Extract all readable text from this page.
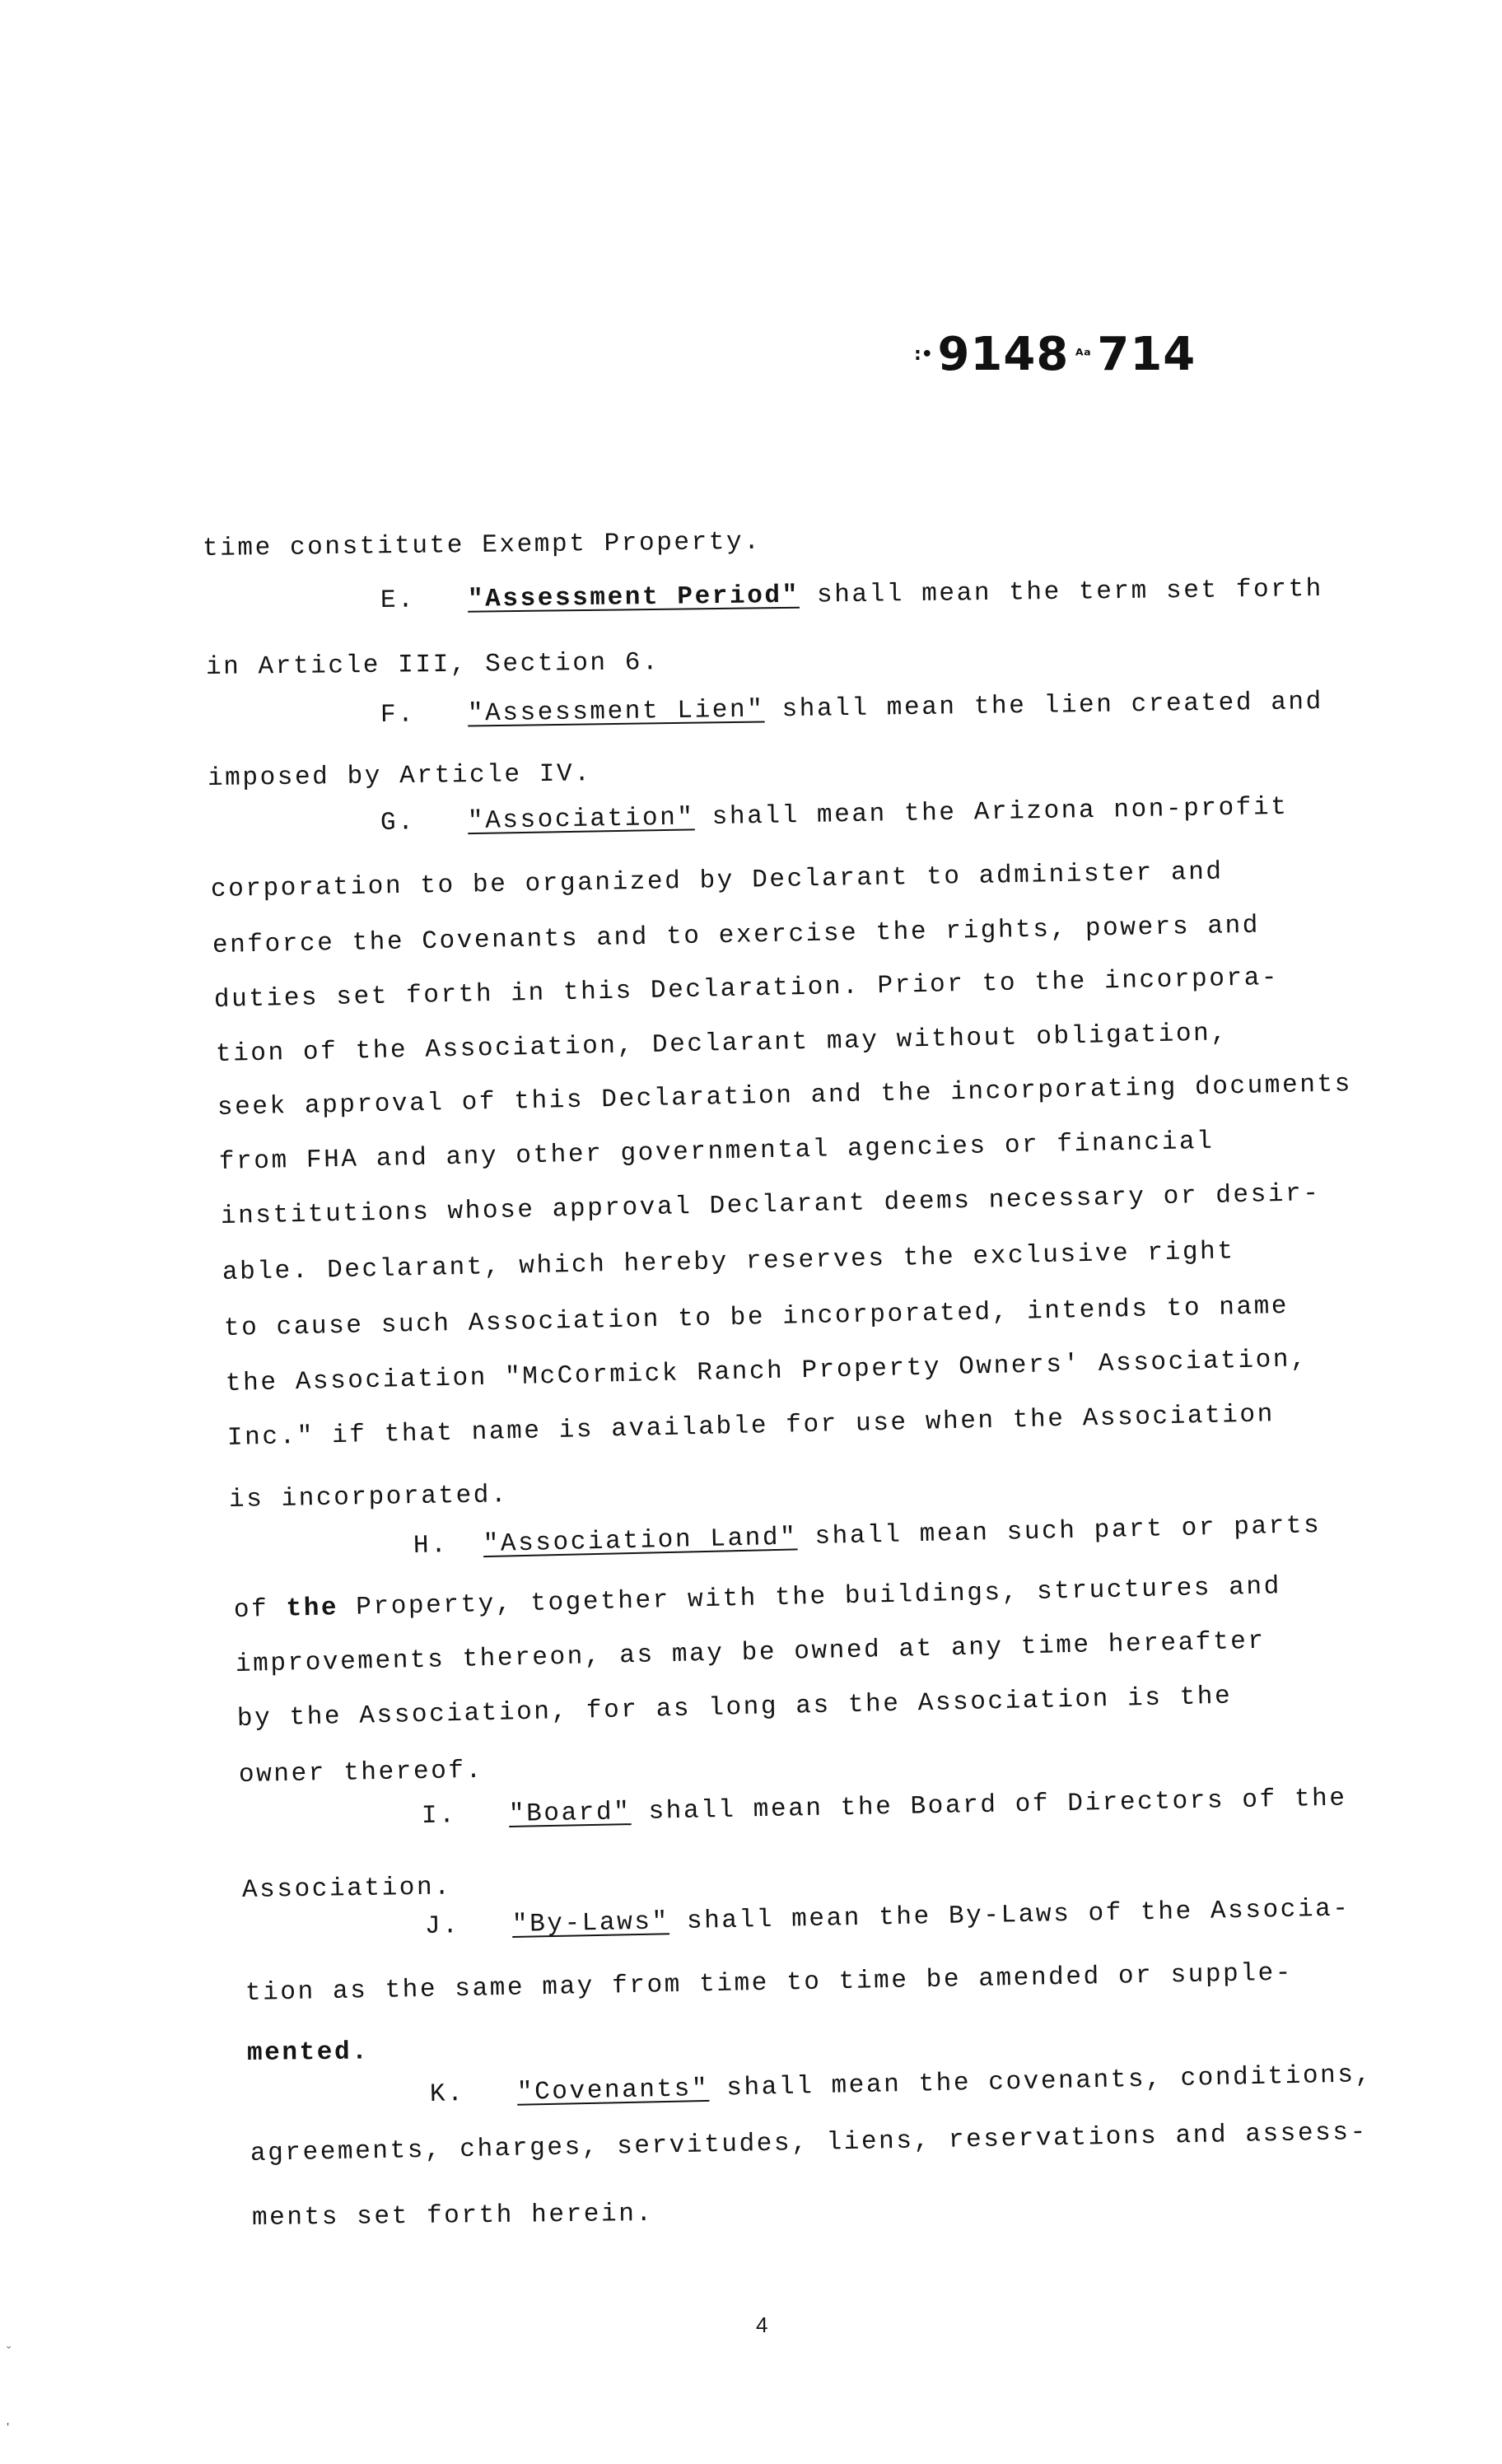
:• 9148 ᴬᵃ 714
time constitute Exempt Property.
E. "Assessment Period" shall mean the term set forth
in Article III, Section 6.
F. "Assessment Lien" shall mean the lien created and
imposed by Article IV.
G. "Association" shall mean the Arizona non-profit
corporation to be organized by Declarant to administer and
enforce the Covenants and to exercise the rights, powers and
duties set forth in this Declaration. Prior to the incorpora-
tion of the Association, Declarant may without obligation,
seek approval of this Declaration and the incorporating documents
from FHA and any other governmental agencies or financial
institutions whose approval Declarant deems necessary or desir-
able. Declarant, which hereby reserves the exclusive right
to cause such Association to be incorporated, intends to name
the Association "McCormick Ranch Property Owners' Association,
Inc." if that name is available for use when the Association
is incorporated.
H. "Association Land" shall mean such part or parts
of the Property, together with the buildings, structures and
improvements thereon, as may be owned at any time hereafter
by the Association, for as long as the Association is the
owner thereof.
I. "Board" shall mean the Board of Directors of the
Association.
J. "By-Laws" shall mean the By-Laws of the Associa-
tion as the same may from time to time be amended or supple-
mented.
K. "Covenants" shall mean the covenants, conditions,
agreements, charges, servitudes, liens, reservations and assess-
ments set forth herein.
4
ˇ
'
